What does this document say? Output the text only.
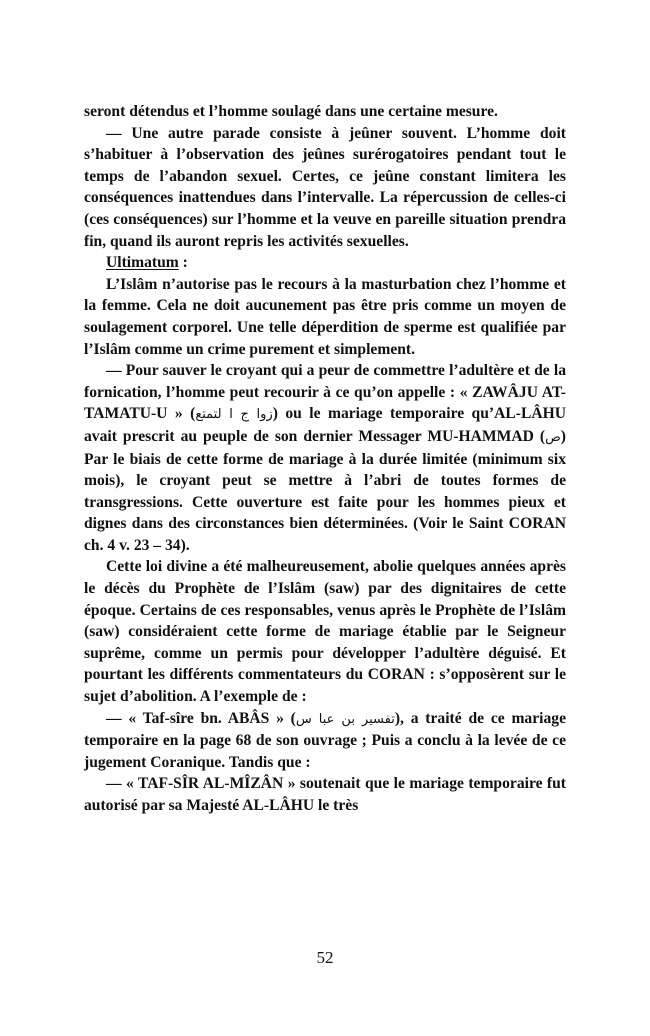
seront détendus et l’homme soulagé dans une certaine mesure.

— Une autre parade consiste à jeûner souvent. L’homme doit s’habituer à l’observation des jeûnes surérogatoires pendant tout le temps de l’abandon sexuel. Certes, ce jeûne constant limitera les conséquences inattendues dans l’intervalle. La répercussion de celles-ci (ces conséquences) sur l’homme et la veuve en pareille situation prendra fin, quand ils auront repris les activités sexuelles.

Ultimatum :

L’Islâm n’autorise pas le recours à la masturbation chez l’homme et la femme. Cela ne doit aucunement pas être pris comme un moyen de soulagement corporel. Une telle déperdition de sperme est qualifiée par l’Islâm comme un crime purement et simplement.

— Pour sauver le croyant qui a peur de commettre l’adultère et de la fornication, l’homme peut recourir à ce qu’on appelle : « ZAWÂJU AT-TAMATU-U » (زوا ج ا لتمتع) ou le mariage temporaire qu’AL-LÂHU avait prescrit au peuple de son dernier Messager MU-HAMMAD (ص) Par le biais de cette forme de mariage à la durée limitée (minimum six mois), le croyant peut se mettre à l’abri de toutes formes de transgressions. Cette ouverture est faite pour les hommes pieux et dignes dans des circonstances bien déterminées. (Voir le Saint CORAN ch. 4 v. 23 – 34).

Cette loi divine a été malheureusement, abolie quelques années après le décès du Prophète de l’Islâm (saw) par des dignitaires de cette époque. Certains de ces responsables, venus après le Prophète de l’Islâm (saw) considéraient cette forme de mariage établie par le Seigneur suprême, comme un permis pour développer l’adultère déguisé. Et pourtant les différents commentateurs du CORAN : s’opposèrent sur le sujet d’abolition. A l’exemple de :

— « Taf-sîre bn. ABÂS » (تفسير بن عبا س), a traité de ce mariage temporaire en la page 68 de son ouvrage ; Puis a conclu à la levée de ce jugement Coranique. Tandis que :

— « TAF-SÎR AL-MÎZÂN » soutenait que le mariage temporaire fut autorisé par sa Majesté AL-LÂHU le très

52
